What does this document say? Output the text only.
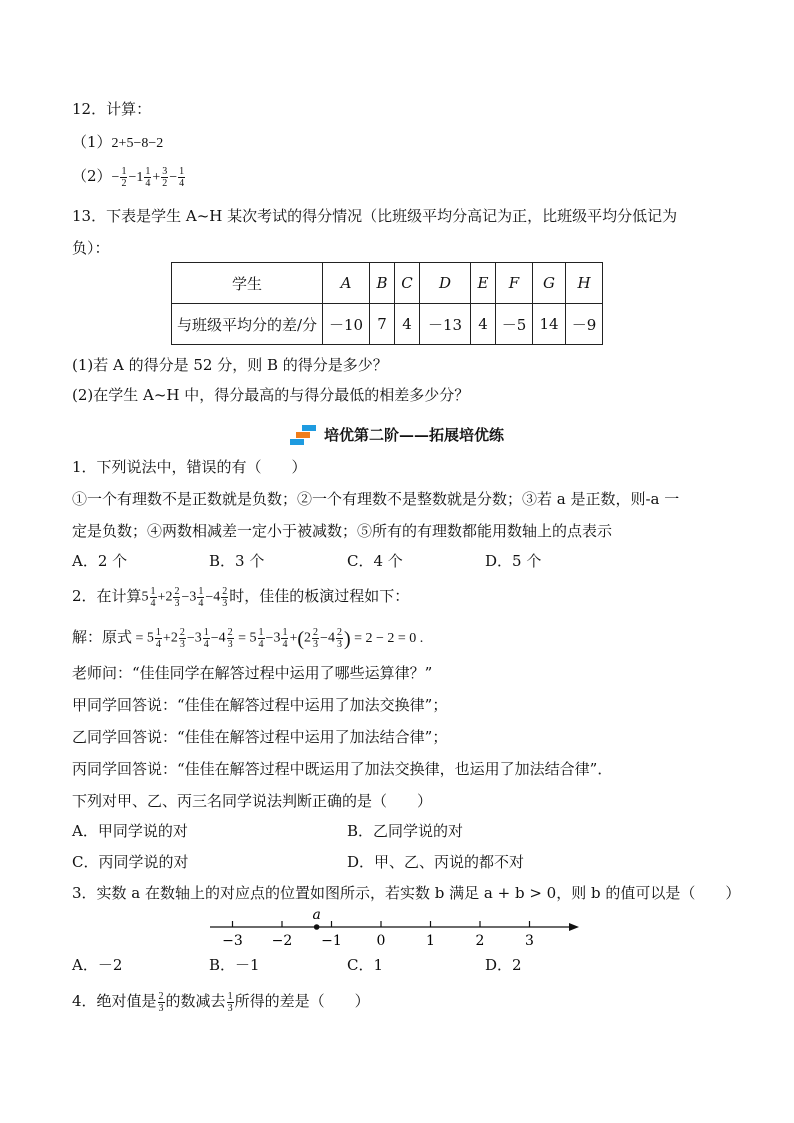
12．计算：
（1）2+5−8−2
$(2)- \frac{1}{2} -1 \frac{1}{4} + \frac{3}{2} - \frac{1}{4}$
13．下表是学生 A~H 某次考试的得分情况（比班级平均分高记为正，比班级平均分低记为
负）：
学生	A	B	C	D	E	F	G	H
与班级平均分的差/分	－10	7	4	－13	4	－5	14	－9
(1)若 A 的得分是 52 分，则 B 的得分是多少？
(2)在学生 A~H 中，得分最高的与得分最低的相差多少分？
培优第二阶——拓展培优练
1．下列说法中，错误的有（　　）
①一个有理数不是正数就是负数；②一个有理数不是整数就是分数；③若 a 是正数，则-a 一
定是负数；④两数相减差一定小于被减数；⑤所有的有理数都能用数轴上的点表示
A．2 个	B．3 个	C．4 个	D．5 个
2．在计算$5 \frac{1}{4} +2 \frac{2}{3} -3 \frac{1}{4} -4 \frac{2}{3}$ 时，佳佳的板演过程如下：
解：原式 = $5 \frac{1}{4} +2 \frac{2}{3} -3 \frac{1}{4} -4 \frac{2}{3} = 5 \frac{1}{4} -3 \frac{1}{4} +(2 \frac{2}{3} -4 \frac{2}{3}$ ) = 2 − 2 = 0 .
老师问：“佳佳同学在解答过程中运用了哪些运算律？”
甲同学回答说：“佳佳在解答过程中运用了加法交换律”；
乙同学回答说：“佳佳在解答过程中运用了加法结合律”；
丙同学回答说：“佳佳在解答过程中既运用了加法交换律，也运用了加法结合律”．
下列对甲、乙、丙三名同学说法判断正确的是（　　）
A．甲同学说的对	B．乙同学说的对
C．丙同学说的对	D．甲、乙、丙说的都不对
3．实数 a 在数轴上的对应点的位置如图所示，若实数 b 满足 a + b > 0，则 b 的值可以是（　　）
−3 −2 −1 0	1	2	3
a
A．－2	B．－1	C．1	D．2
4．绝对值是 $\frac{2}{3}$ 的数减去 $\frac{1}{3}$ 所得的差是（　　）
